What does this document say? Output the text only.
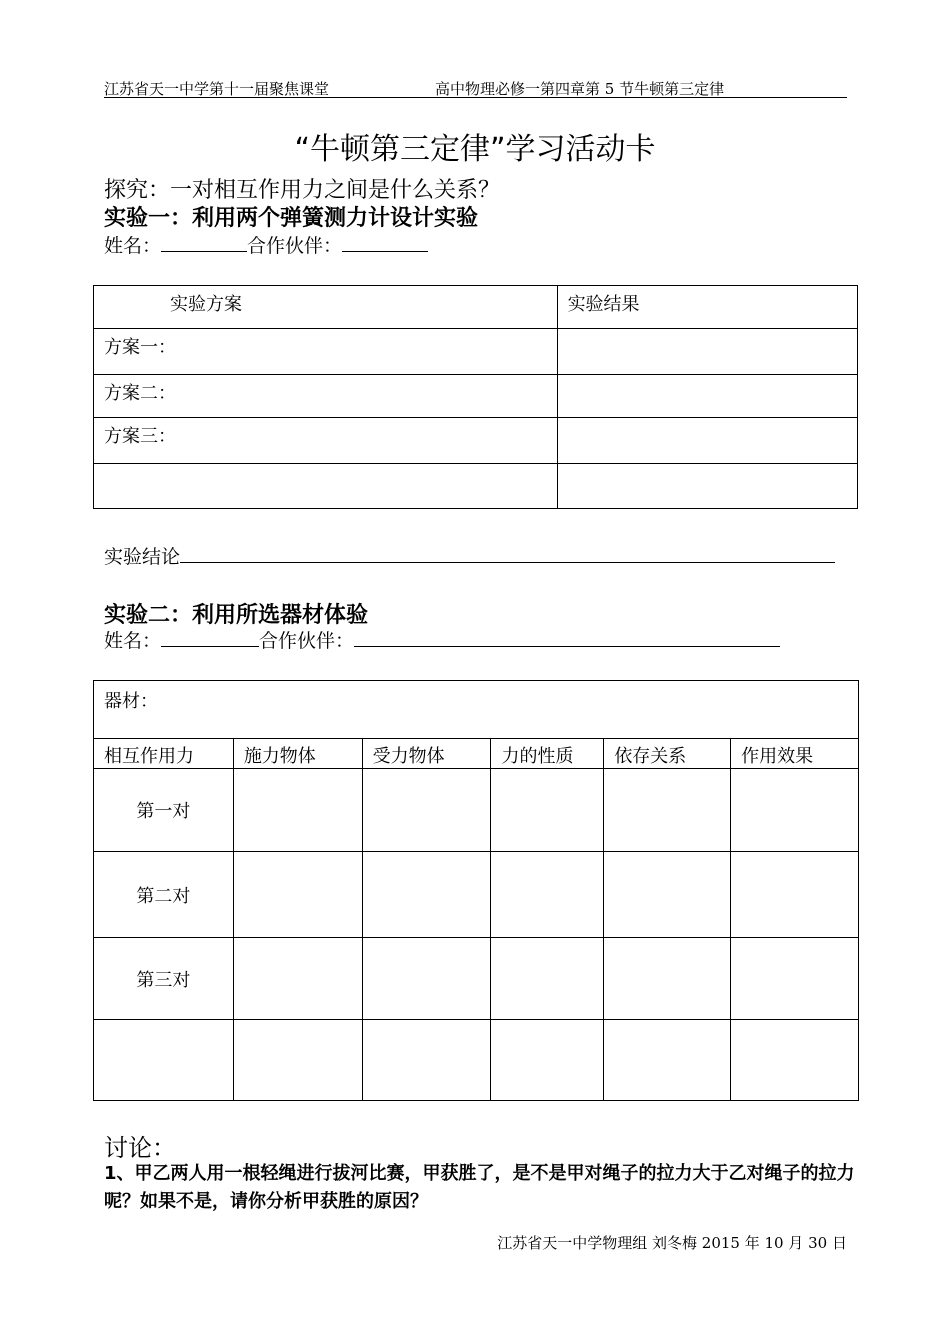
江苏省天一中学第十一届聚焦课堂	高中物理必修一第四章第 5 节牛顿第三定律
“牛顿第三定律”学习活动卡
探究：一对相互作用力之间是什么关系？
实验一：利用两个弹簧测力计设计实验
姓名：	合作伙伴：
实验方案	实验结果
方案一：	
方案二：	
方案三：	

实验结论
实验二：利用所选器材体验
姓名：	合作伙伴：
器材：					
相互作用力	施力物体	受力物体	力的性质	依存关系	作用效果
第一对					
第二对					
第三对					

讨论：
1、甲乙两人用一根轻绳进行拔河比赛，甲获胜了，是不是甲对绳子的拉力大于乙对绳子的拉力呢？如果不是，请你分析甲获胜的原因？
江苏省天一中学物理组 刘冬梅 2015 年 10 月 30 日
